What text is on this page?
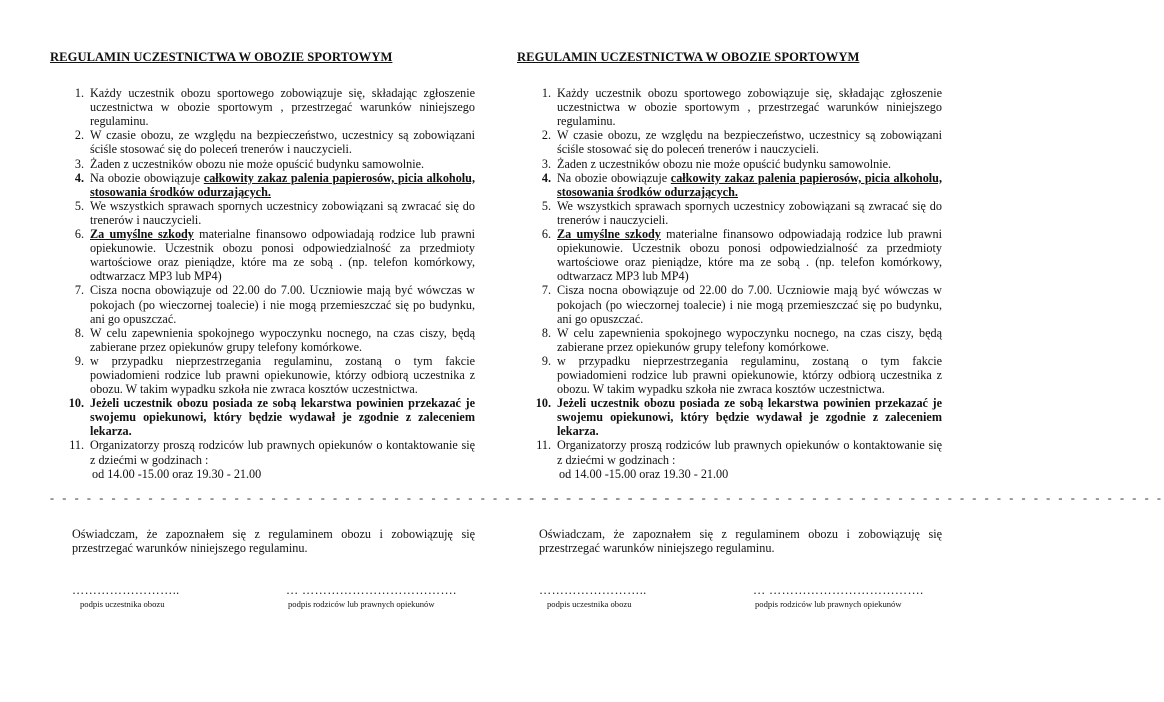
REGULAMIN UCZESTNICTWA W OBOZIE SPORTOWYM
1. Każdy uczestnik obozu sportowego zobowiązuje się, składając zgłoszenie uczestnictwa w obozie sportowym , przestrzegać warunków niniejszego regulaminu.
2. W czasie obozu, ze względu na bezpieczeństwo, uczestnicy są zobowiązani ściśle stosować się do poleceń trenerów i nauczycieli.
3. Żaden z uczestników obozu nie może opuścić budynku samowolnie.
4. Na obozie obowiązuje całkowity zakaz palenia papierosów, picia alkoholu, stosowania środków odurzających.
5. We wszystkich sprawach spornych uczestnicy zobowiązani są zwracać się do trenerów i nauczycieli.
6. Za umyślne szkody materialne finansowo odpowiadają rodzice lub prawni opiekunowie. Uczestnik obozu ponosi odpowiedzialność za przedmioty wartościowe oraz pieniądze, które ma ze sobą . (np. telefon komórkowy, odtwarzacz MP3 lub MP4)
7. Cisza nocna obowiązuje od 22.00 do 7.00. Uczniowie mają być wówczas w pokojach (po wieczornej toalecie) i nie mogą przemieszczać się po budynku, ani go opuszczać.
8. W celu zapewnienia spokojnego wypoczynku nocnego, na czas ciszy, będą zabierane przez opiekunów grupy telefony komórkowe.
9. w przypadku nieprzestrzegania regulaminu, zostaną o tym fakcie powiadomieni rodzice lub prawni opiekunowie, którzy odbiorą uczestnika z obozu. W takim wypadku szkoła nie zwraca kosztów uczestnictwa.
10. Jeżeli uczestnik obozu posiada ze sobą lekarstwa powinien przekazać je swojemu opiekunowi, który będzie wydawał je zgodnie z zaleceniem lekarza.
11. Organizatorzy proszą rodziców lub prawnych opiekunów o kontaktowanie się z dziećmi w godzinach :
od 14.00 -15.00 oraz 19.30 - 21.00
- - - - - - - - - - - - - - - - - - - - - - - - - - - - - - - - - - - - - - - - - - - - - - - - - - - - -
Oświadczam, że zapoznałem się z regulaminem obozu i zobowiązuję się przestrzegać warunków niniejszego regulaminu.
……………………..
podpis uczestnika obozu
… ……………………………….
podpis rodziców lub prawnych opiekunów
REGULAMIN UCZESTNICTWA W OBOZIE SPORTOWYM
1. Każdy uczestnik obozu sportowego zobowiązuje się, składając zgłoszenie uczestnictwa w obozie sportowym , przestrzegać warunków niniejszego regulaminu.
2. W czasie obozu, ze względu na bezpieczeństwo, uczestnicy są zobowiązani ściśle stosować się do poleceń trenerów i nauczycieli.
3. Żaden z uczestników obozu nie może opuścić budynku samowolnie.
4. Na obozie obowiązuje całkowity zakaz palenia papierosów, picia alkoholu, stosowania środków odurzających.
5. We wszystkich sprawach spornych uczestnicy zobowiązani są zwracać się do trenerów i nauczycieli.
6. Za umyślne szkody materialne finansowo odpowiadają rodzice lub prawni opiekunowie. Uczestnik obozu ponosi odpowiedzialność za przedmioty wartościowe oraz pieniądze, które ma ze sobą . (np. telefon komórkowy, odtwarzacz MP3 lub MP4)
7. Cisza nocna obowiązuje od 22.00 do 7.00. Uczniowie mają być wówczas w pokojach (po wieczornej toalecie) i nie mogą przemieszczać się po budynku, ani go opuszczać.
8. W celu zapewnienia spokojnego wypoczynku nocnego, na czas ciszy, będą zabierane przez opiekunów grupy telefony komórkowe.
9. w przypadku nieprzestrzegania regulaminu, zostaną o tym fakcie powiadomieni rodzice lub prawni opiekunowie, którzy odbiorą uczestnika z obozu. W takim wypadku szkoła nie zwraca kosztów uczestnictwa.
10. Jeżeli uczestnik obozu posiada ze sobą lekarstwa powinien przekazać je swojemu opiekunowi, który będzie wydawał je zgodnie z zaleceniem lekarza.
11. Organizatorzy proszą rodziców lub prawnych opiekunów o kontaktowanie się z dziećmi w godzinach :
od 14.00 -15.00 oraz 19.30 - 21.00
- - - - - - - - - - - - - - - - - - - - - - - - - - - - - - - - - - - - - - - - - - - - - - - - - - - - -
Oświadczam, że zapoznałem się z regulaminem obozu i zobowiązuję się przestrzegać warunków niniejszego regulaminu.
……………………..
podpis uczestnika obozu
… ……………………………….
podpis rodziców lub prawnych opiekunów
